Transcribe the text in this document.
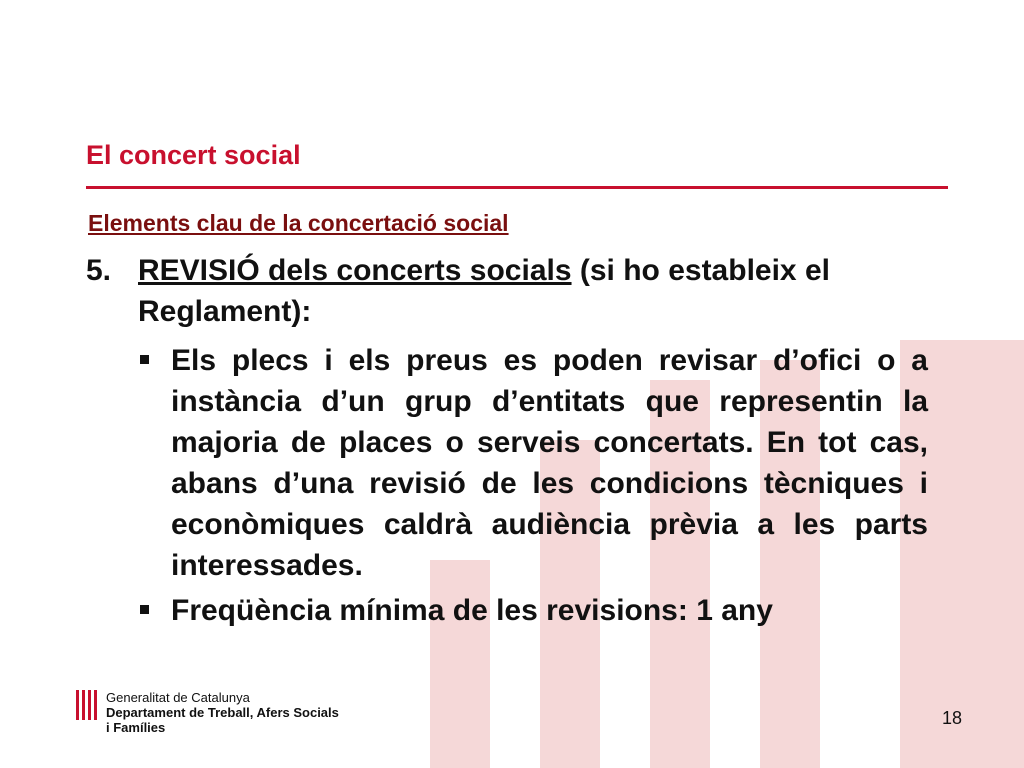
El concert social
Elements clau de la concertació social
5. REVISIÓ dels concerts socials (si ho estableix el Reglament):
Els plecs i els preus es poden revisar d’ofici o a instància d’un grup d’entitats que representin la majoria de places o serveis concertats. En tot cas, abans d’una revisió de les condicions tècniques i econòmiques caldrà audiència prèvia a les parts interessades.
Freqüència mínima de les revisions: 1 any
Generalitat de Catalunya
Departament de Treball, Afers Socials
i Famílies	18
